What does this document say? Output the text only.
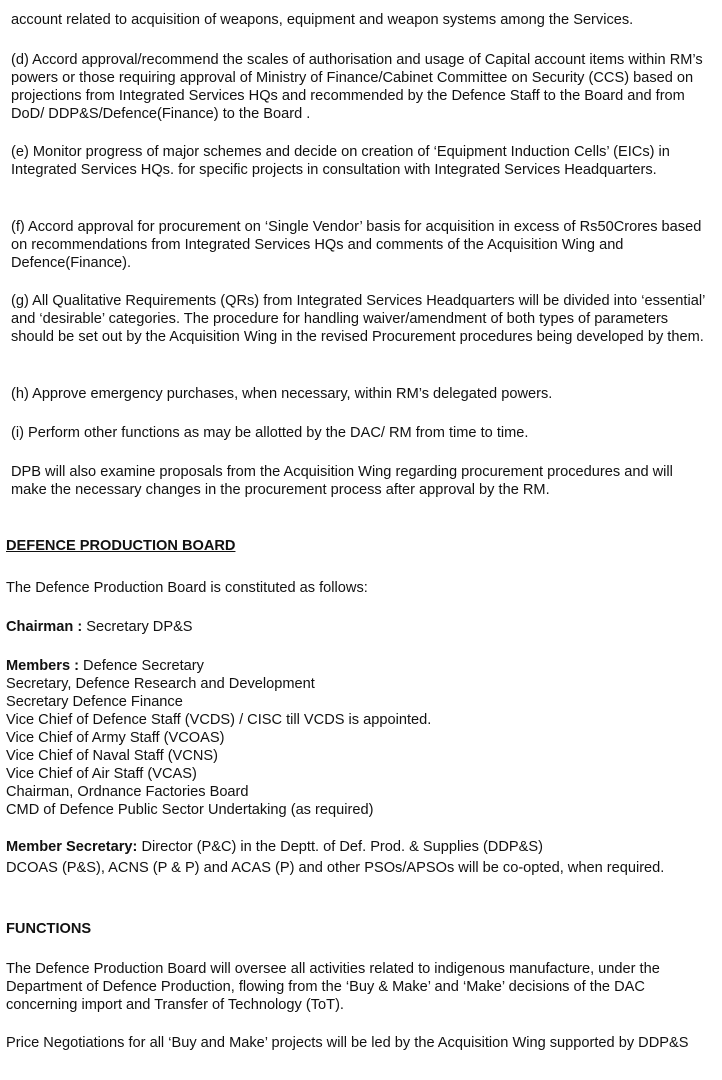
account related to acquisition of weapons, equipment and weapon systems among the Services.

(d) Accord approval/recommend the scales of authorisation and usage of Capital account items within RM’s powers or those requiring approval of Ministry of Finance/Cabinet Committee on Security (CCS) based on projections from Integrated Services HQs and recommended by the Defence Staff to the Board and from DoD/ DDP&S/Defence(Finance) to the Board .

(e) Monitor progress of major schemes and decide on creation of ‘Equipment Induction Cells’ (EICs) in Integrated Services HQs. for specific projects in consultation with Integrated Services Headquarters.

(f) Accord approval for procurement on ‘Single Vendor’ basis for acquisition in excess of Rs50Crores based on recommendations from Integrated Services HQs and comments of the Acquisition Wing and Defence(Finance).

(g) All Qualitative Requirements (QRs) from Integrated Services Headquarters will be divided into ‘essential’ and ‘desirable’ categories. The procedure for handling waiver/amendment of both types of parameters should be set out by the Acquisition Wing in the revised Procurement procedures being developed by them.

(h) Approve emergency purchases, when necessary, within RM’s delegated powers.

(i) Perform other functions as may be allotted by the DAC/ RM from time to time.

DPB will also examine proposals from the Acquisition Wing regarding procurement procedures and will make the necessary changes in the procurement process after approval by the RM.

DEFENCE PRODUCTION BOARD

The Defence Production Board is constituted as follows:

Chairman : Secretary DP&S

Members : Defence Secretary
Secretary, Defence Research and Development
Secretary Defence Finance
Vice Chief of Defence Staff (VCDS) / CISC till VCDS is appointed.
Vice Chief of Army Staff (VCOAS)
Vice Chief of Naval Staff (VCNS)
Vice Chief of Air Staff (VCAS)
Chairman, Ordnance Factories Board
CMD of Defence Public Sector Undertaking (as required)

Member Secretary: Director (P&C) in the Deptt. of Def. Prod. & Supplies (DDP&S)

DCOAS (P&S), ACNS (P & P) and ACAS (P) and other PSOs/APSOs will be co-opted, when required.

FUNCTIONS

The Defence Production Board will oversee all activities related to indigenous manufacture, under the Department of Defence Production, flowing from the ‘Buy & Make’ and ‘Make’ decisions of the DAC concerning import and Transfer of Technology (ToT).

Price Negotiations for all ‘Buy and Make’ projects will be led by the Acquisition Wing supported by DDP&S
